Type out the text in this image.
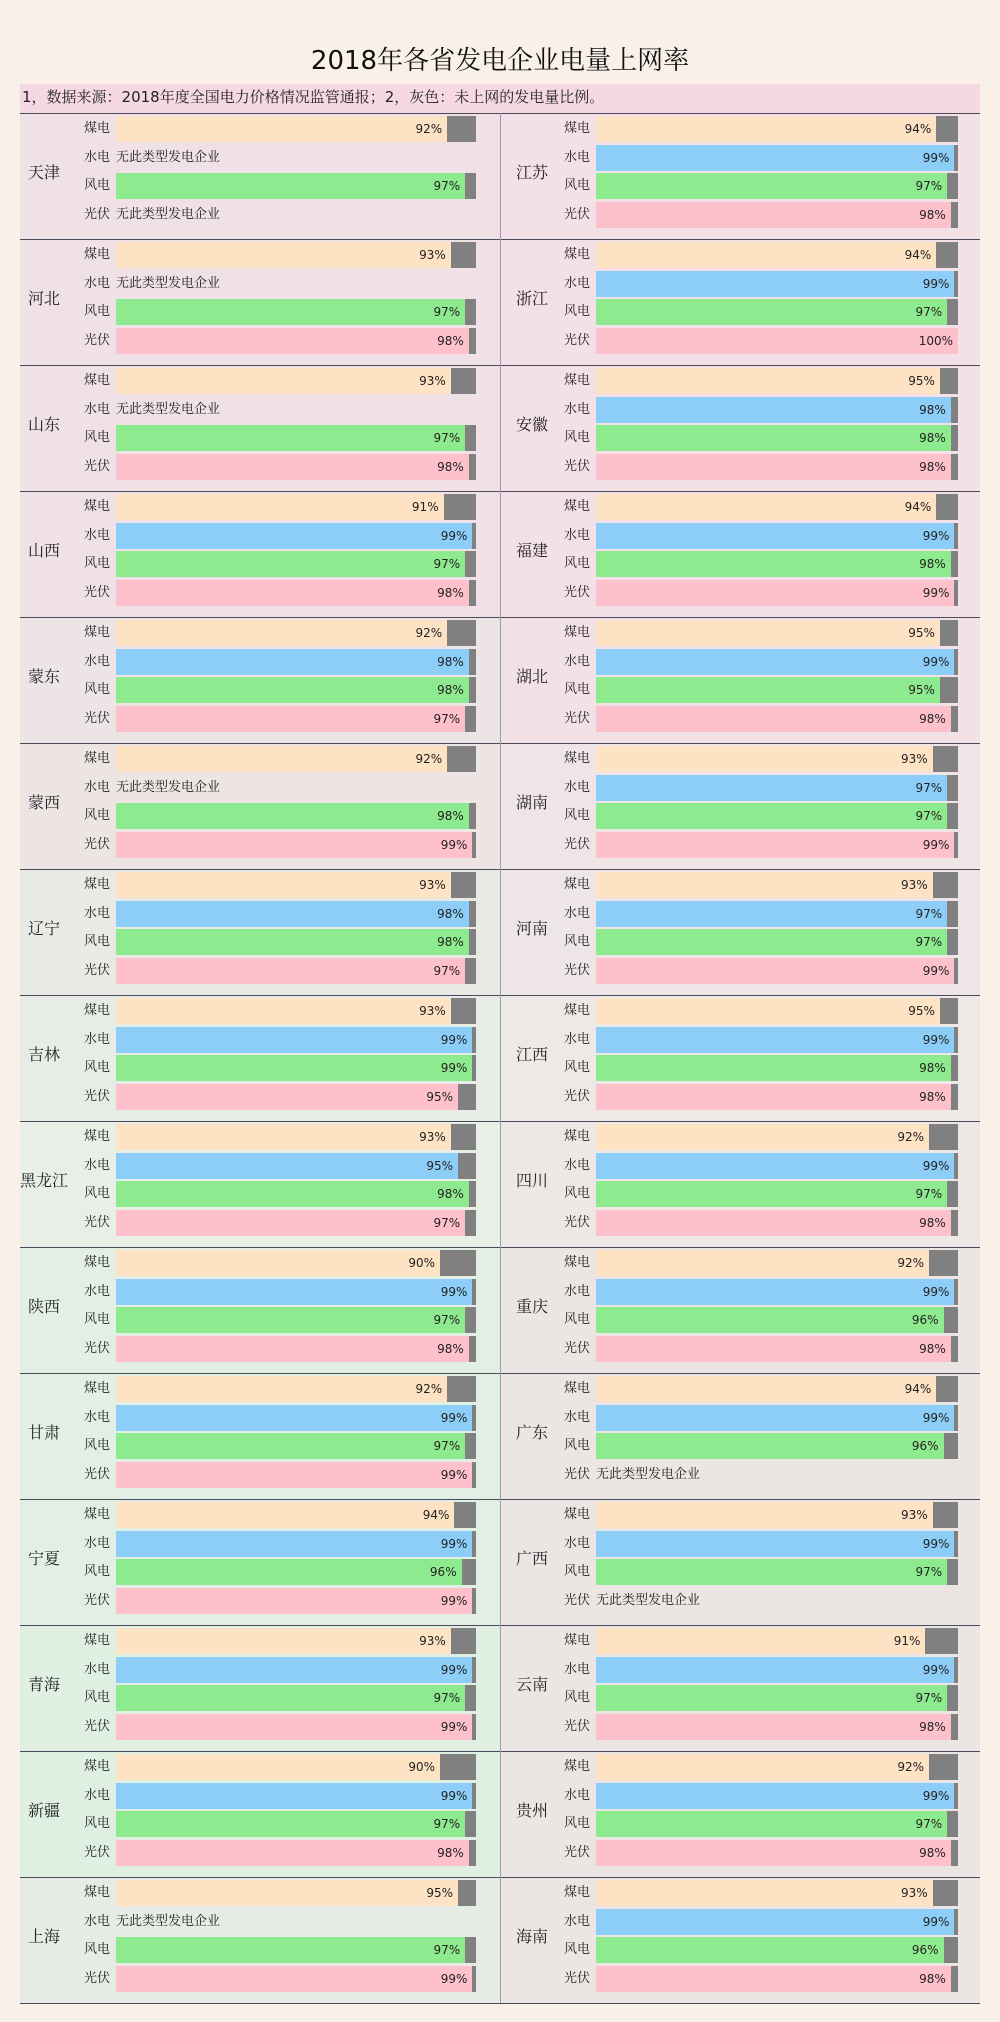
2018年各省发电企业电量上网率
1，数据来源：2018年度全国电力价格情况监管通报；2，灰色：未上网的发电量比例。
天津
煤电	92%
水电 无此类型发电企业
风电	97%
光伏 无此类型发电企业
江苏
煤电	94%
水电	99%
风电	97%
光伏	98%
河北
煤电	93%
水电 无此类型发电企业
风电	97%
光伏	98%
浙江
煤电	94%
水电	99%
风电	97%
光伏	100%
山东
煤电	93%
水电 无此类型发电企业
风电	97%
光伏	98%
安徽
煤电	95%
水电	98%
风电	98%
光伏	98%
山西
煤电	91%
水电	99%
风电	97%
光伏	98%
福建
煤电	94%
水电	99%
风电	98%
光伏	99%
蒙东
煤电	92%
水电	98%
风电	98%
光伏	97%
湖北
煤电	95%
水电	99%
风电	95%
光伏	98%
蒙西
煤电	92%
水电 无此类型发电企业
风电	98%
光伏	99%
湖南
煤电	93%
水电	97%
风电	97%
光伏	99%
辽宁
煤电	93%
水电	98%
风电	98%
光伏	97%
河南
煤电	93%
水电	97%
风电	97%
光伏	99%
吉林
煤电	93%
水电	99%
风电	99%
光伏	95%
江西
煤电	95%
水电	99%
风电	98%
光伏	98%
黑龙江
煤电	93%
水电	95%
风电	98%
光伏	97%
四川
煤电	92%
水电	99%
风电	97%
光伏	98%
陕西
煤电	90%
水电	99%
风电	97%
光伏	98%
重庆
煤电	92%
水电	99%
风电	96%
光伏	98%
甘肃
煤电	92%
水电	99%
风电	97%
光伏	99%
广东
煤电	94%
水电	99%
风电	96%
光伏 无此类型发电企业
宁夏
煤电	94%
水电	99%
风电	96%
光伏	99%
广西
煤电	93%
水电	99%
风电	97%
光伏 无此类型发电企业
青海
煤电	93%
水电	99%
风电	97%
光伏	99%
云南
煤电	91%
水电	99%
风电	97%
光伏	98%
新疆
煤电	90%
水电	99%
风电	97%
光伏	98%
贵州
煤电	92%
水电	99%
风电	97%
光伏	98%
上海
煤电	95%
水电 无此类型发电企业
风电	97%
光伏	99%
海南
煤电	93%
水电	99%
风电	96%
光伏	98%
